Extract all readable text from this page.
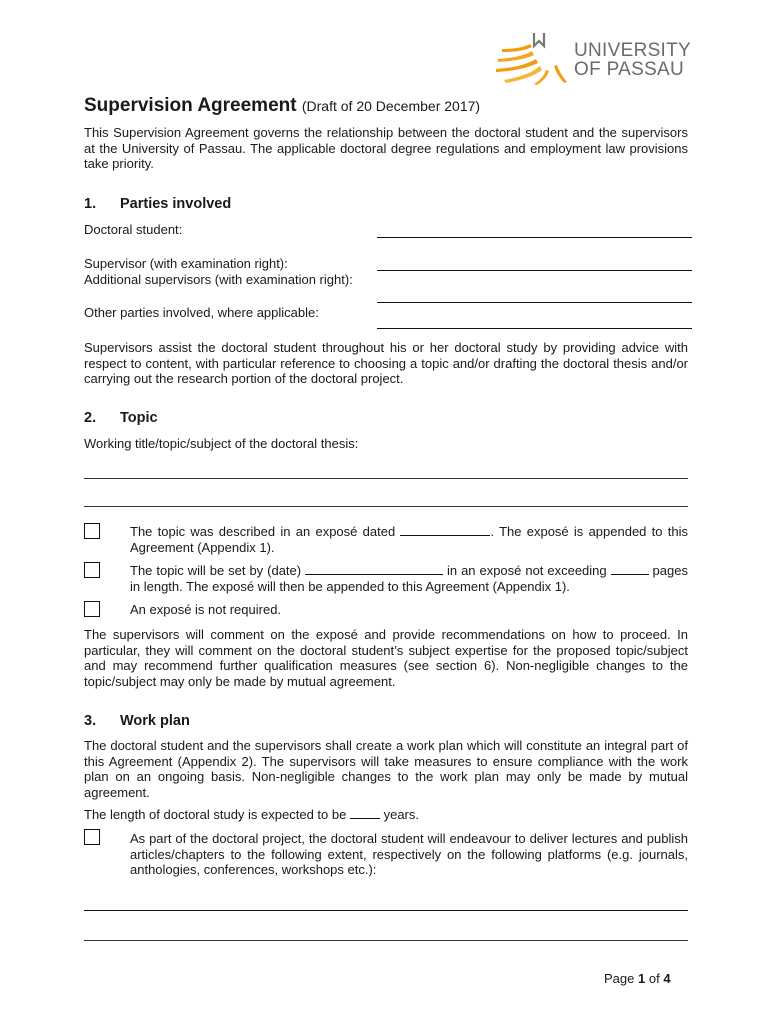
UNIVERSITY
OF PASSAU
Supervision Agreement (Draft of 20 December 2017)
This Supervision Agreement governs the relationship between the doctoral student and the supervisors at the University of Passau. The applicable doctoral degree regulations and employment law provisions take priority.
1. Parties involved
Doctoral student:
Supervisor (with examination right):
Additional supervisors (with examination right):
Other parties involved, where applicable:
Supervisors assist the doctoral student throughout his or her doctoral study by providing advice with respect to content, with particular reference to choosing a topic and/or drafting the doctoral thesis and/or carrying out the research portion of the doctoral project.
2. Topic
Working title/topic/subject of the doctoral thesis:
The topic was described in an exposé dated	. The exposé is appended to this Agreement (Appendix 1).
The topic will be set by (date)	in an exposé not exceeding	pages in length. The exposé will then be appended to this Agreement (Appendix 1).
An exposé is not required.
The supervisors will comment on the exposé and provide recommendations on how to proceed. In particular, they will comment on the doctoral student’s subject expertise for the proposed topic/subject and may recommend further qualification measures (see section 6). Non-negligible changes to the topic/subject may only be made by mutual agreement.
3. Work plan
The doctoral student and the supervisors shall create a work plan which will constitute an integral part of this Agreement (Appendix 2). The supervisors will take measures to ensure compliance with the work plan on an ongoing basis. Non-negligible changes to the work plan may only be made by mutual agreement.
The length of doctoral study is expected to be	years.
As part of the doctoral project, the doctoral student will endeavour to deliver lectures and publish articles/chapters to the following extent, respectively on the following platforms (e.g. journals, anthologies, conferences, workshops etc.):
Page 1 of 4
